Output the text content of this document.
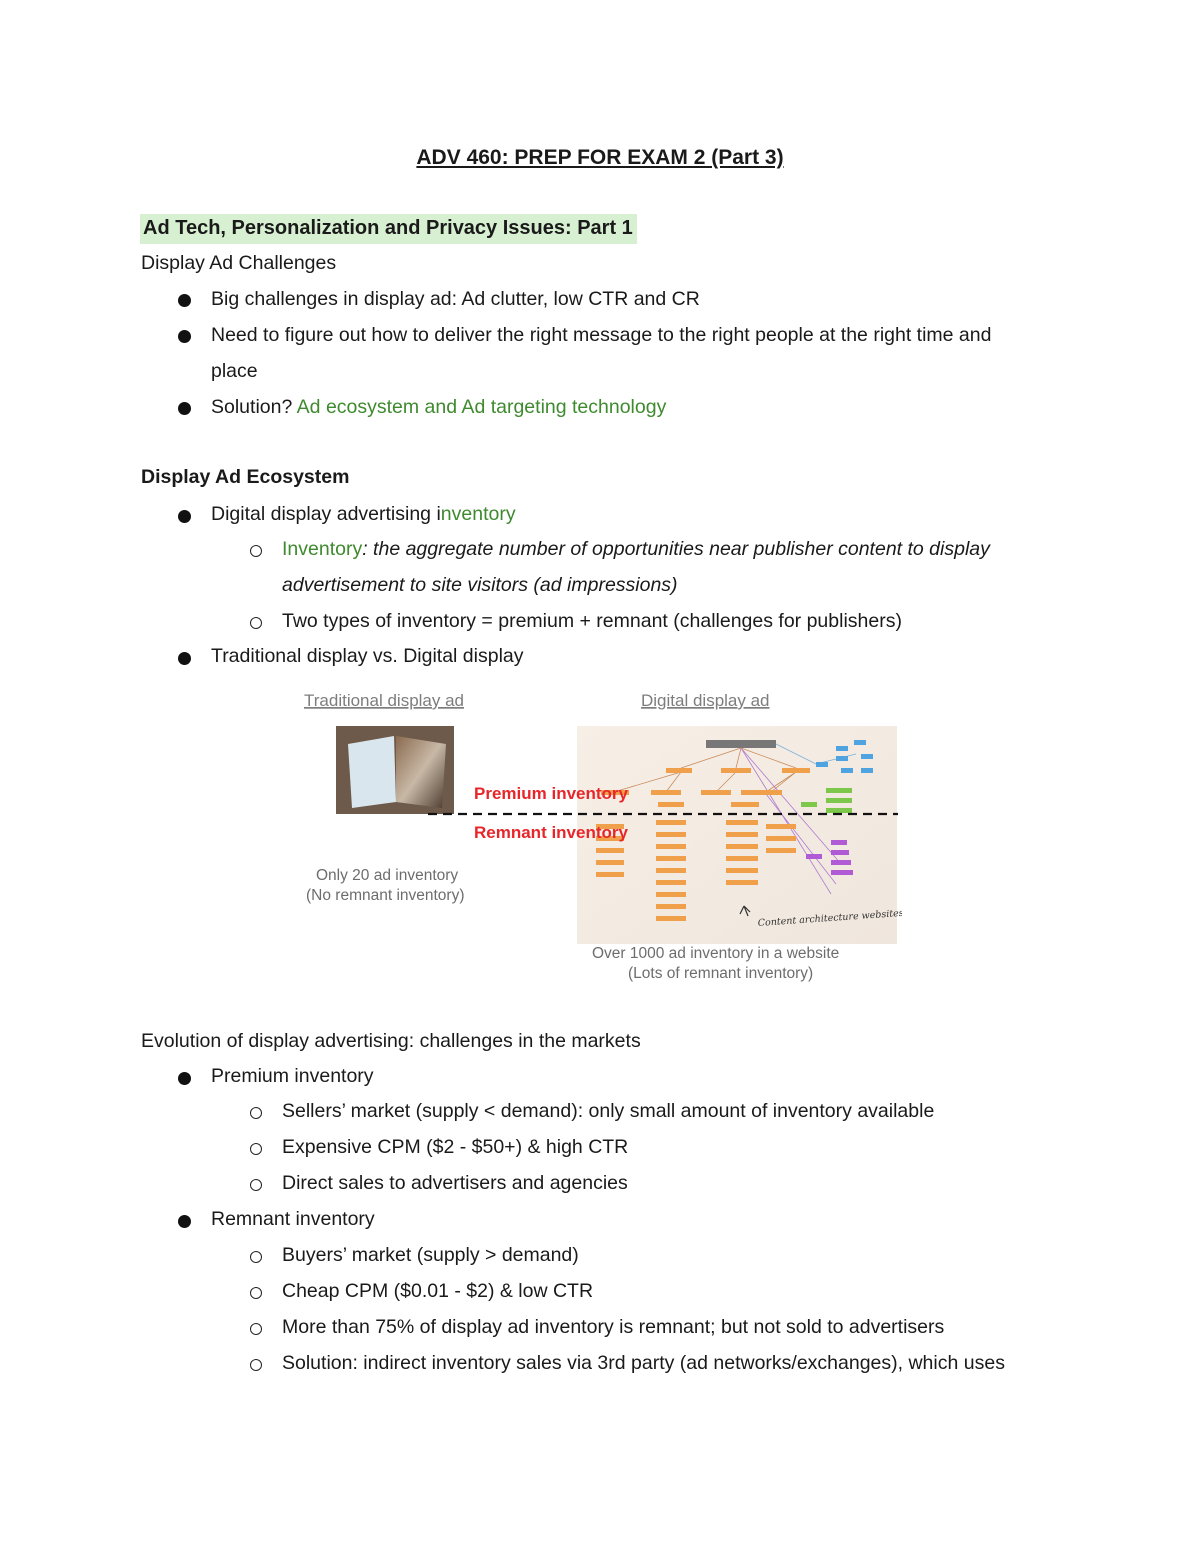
ADV 460: PREP FOR EXAM 2 (Part 3)
Ad Tech, Personalization and Privacy Issues: Part 1
Display Ad Challenges
Big challenges in display ad: Ad clutter, low CTR and CR
Need to figure out how to deliver the right message to the right people at the right time and
place
Solution? Ad ecosystem and Ad targeting technology
Display Ad Ecosystem
Digital display advertising inventory
Inventory: the aggregate number of opportunities near publisher content to display
advertisement to site visitors (ad impressions)
Two types of inventory = premium + remnant (challenges for publishers)
Traditional display vs. Digital display
Traditional display ad
Only 20 ad inventory
(No remnant inventory)
Digital display ad
Premium inventory
Remnant inventory
Content architecture websites
Over 1000 ad inventory in a website
(Lots of remnant inventory)
Evolution of display advertising: challenges in the markets
Premium inventory
Sellers’ market (supply < demand): only small amount of inventory available
Expensive CPM ($2 - $50+) & high CTR
Direct sales to advertisers and agencies
Remnant inventory
Buyers’ market (supply > demand)
Cheap CPM ($0.01 - $2) & low CTR
More than 75% of display ad inventory is remnant; but not sold to advertisers
Solution: indirect inventory sales via 3rd party (ad networks/exchanges), which uses
